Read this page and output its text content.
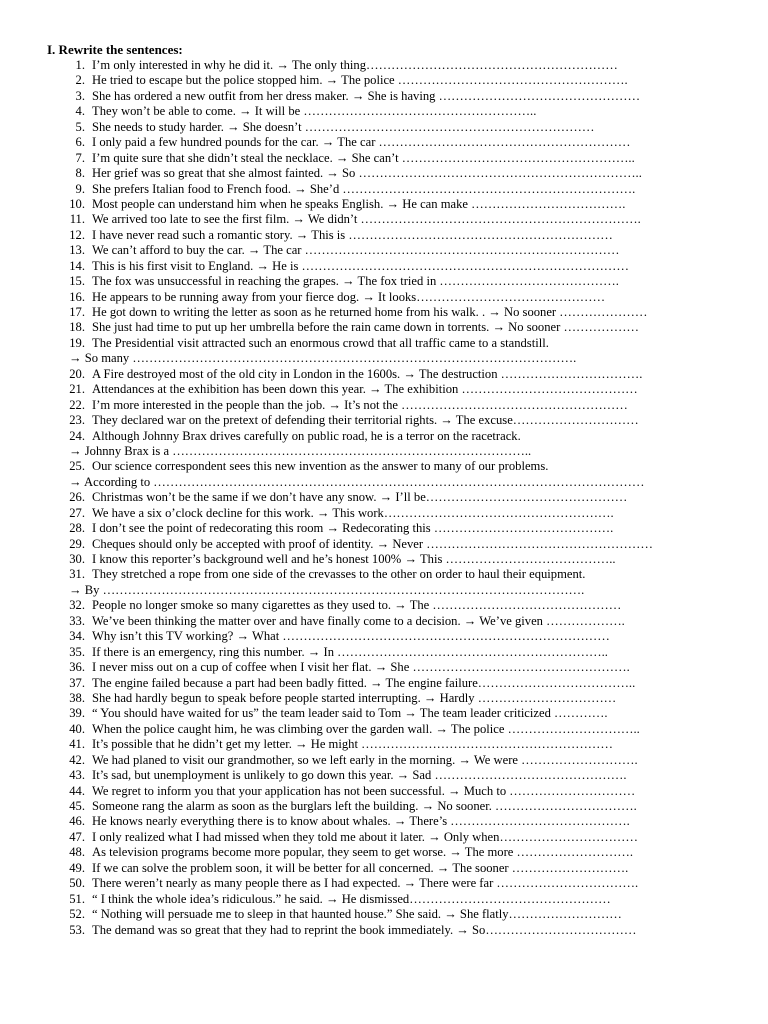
I. Rewrite the sentences:
1. I’m only interested in why he did it. → The only thing……………………………………………………
2. He tried to escape but the police stopped him. → The police ……………………………………………….
3. She has ordered a new outfit from her dress maker. → She is having …………………………………………
4. They won’t be able to come. → It will be ………………………………………………..
5. She needs to study harder. → She doesn’t ……………………………………………………………
6. I only paid a few hundred pounds for the car. → The car ……………………………………………………
7. I’m quite sure that she didn’t steal the necklace. → She can’t ………………………………………………..
8. Her grief was so great that she almost fainted. → So …………………………………………………………..
9. She prefers Italian food to French food. → She’d …………………………………………………………….
10. Most people can understand him when he speaks English. → He can make ……………………………….
11. We arrived too late to see the first film. → We didn’t ………………………………………………………….
12. I have never read such a romantic story. → This is ………………………………………………………
13. We can’t afford to buy the car. → The car …………………………………………………………………
14. This is his first visit to England. → He is ……………………………………………………………………
15. The fox was unsuccessful in reaching the grapes. → The fox tried in …………………………………….
16. He appears to be running away from your fierce dog. → It looks………………………………………
17. He got down to writing the letter as soon as he returned home from his walk. . → No sooner …………………
18. She just had time to put up her umbrella before the rain came down in torrents. → No sooner ………………
19. The Presidential visit attracted such an enormous crowd that all traffic came to a standstill.
→ So many …………………………………………………………………………………………….
20. A Fire destroyed most of the old city in London in the 1600s. → The destruction …………………………….
21. Attendances at the exhibition has been down this year. → The exhibition ……………………………………
22. I’m more interested in the people than the job. → It’s not the ………………………………………………
23. They declared war on the pretext of defending their territorial rights. → The excuse…………………………
24. Although Johnny Brax drives carefully on public road, he is a terror on the racetrack.
→ Johnny Brax is a …………………………………………………………………………..
25. Our science correspondent sees this new invention as the answer to many of our problems.
→ According to ………………………………………………………………………………………………………
26. Christmas won’t be the same if we don’t have any snow. → I’ll be…………………………………………
27. We have a six o’clock decline for this work. → This work……………………………………………….
28. I don’t see the point of redecorating this room → Redecorating this …………………………………….
29. Cheques should only be accepted with proof of identity. → Never ………………………………………………
30. I know this reporter’s background well and he’s honest 100% → This …………………………………..
31. They stretched a rope from one side of the crevasses to the other on order to haul their equipment.
→ By …………………………………………………………………………………………………….
32. People no longer smoke so many cigarettes as they used to. → The ………………………………………
33. We’ve been thinking the matter over and have finally come to a decision. → We’ve given ……………….
34. Why isn’t this TV working? → What ……………………………………………………………………
35. If there is an emergency, ring this number. → In ………………………………………………………..
36. I never miss out on a cup of coffee when I visit her flat. → She …………………………………………….
37. The engine failed because a part had been badly fitted. → The engine failure………………………………..
38. She had hardly begun to speak before people started interrupting. → Hardly ……………………………
39. “ You should have waited for us” the team leader said to Tom → The team leader criticized ………….
40. When the police caught him, he was climbing over the garden wall. → The police …………………………..
41. It’s possible that he didn’t get my letter. → He might ……………………………………………………
42. We had planed to visit our grandmother, so we left early in the morning. → We were ……………………….
43. It’s sad, but unemployment is unlikely to go down this year. → Sad ……………………………………….
44. We regret to inform you that your application has not been successful. → Much to …………………………
45. Someone rang the alarm as soon as the burglars left the building. → No sooner. …………………………….
46. He knows nearly everything there is to know about whales. → There’s …………………………………….
47. I only realized what I had missed when they told me about it later. → Only when……………………………
48. As television programs become more popular, they seem to get worse. → The more ……………………….
49. If we can solve the problem soon, it will be better for all concerned. → The sooner ……………………….
50. There weren’t nearly as many people there as I had expected. → There were far …………………………….
51. “ I think the whole idea’s ridiculous.” he said. → He dismissed…………………………………………
52. “ Nothing will persuade me to sleep in that haunted house.” She said. → She flatly………………………
53. The demand was so great that they had to reprint the book immediately. → So………………………………
